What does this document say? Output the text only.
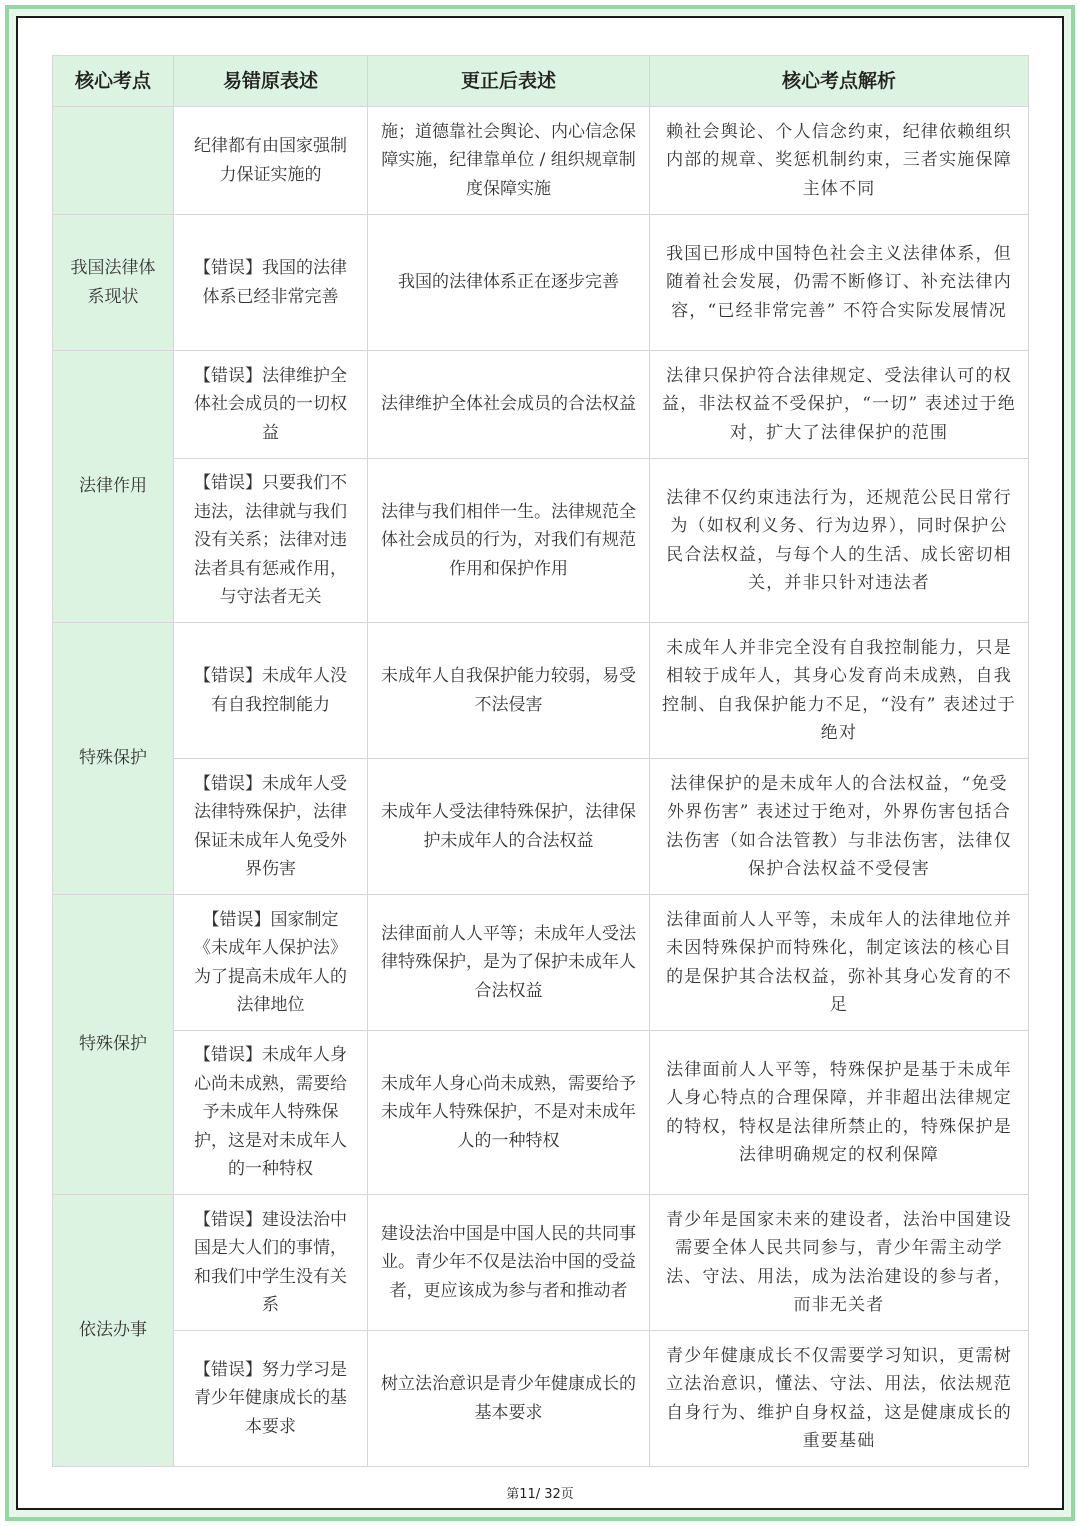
核心考点	易错原表述	更正后表述	核心考点解析
	纪律都有由国家强制力保证实施的	施；道德靠社会舆论、内心信念保障实施，纪律靠单位 / 组织规章制度保障实施	赖社会舆论、个人信念约束，纪律依赖组织内部的规章、奖惩机制约束，三者实施保障主体不同
我国法律体系现状	【错误】我国的法律体系已经非常完善	我国的法律体系正在逐步完善	我国已形成中国特色社会主义法律体系，但随着社会发展，仍需不断修订、补充法律内容，“已经非常完善” 不符合实际发展情况
法律作用	【错误】法律维护全体社会成员的一切权益	法律维护全体社会成员的合法权益	法律只保护符合法律规定、受法律认可的权益，非法权益不受保护，“一切” 表述过于绝对，扩大了法律保护的范围
	【错误】只要我们不违法，法律就与我们没有关系；法律对违法者具有惩戒作用，与守法者无关	法律与我们相伴一生。法律规范全体社会成员的行为，对我们有规范作用和保护作用	法律不仅约束违法行为，还规范公民日常行为（如权利义务、行为边界），同时保护公民合法权益，与每个人的生活、成长密切相关，并非只针对违法者
特殊保护	【错误】未成年人没有自我控制能力	未成年人自我保护能力较弱，易受不法侵害	未成年人并非完全没有自我控制能力，只是相较于成年人，其身心发育尚未成熟，自我控制、自我保护能力不足，“没有” 表述过于绝对
	【错误】未成年人受法律特殊保护，法律保证未成年人免受外界伤害	未成年人受法律特殊保护，法律保护未成年人的合法权益	法律保护的是未成年人的合法权益，“免受外界伤害” 表述过于绝对，外界伤害包括合法伤害（如合法管教）与非法伤害，法律仅保护合法权益不受侵害
特殊保护	【错误】国家制定《未成年人保护法》为了提高未成年人的法律地位	法律面前人人平等；未成年人受法律特殊保护，是为了保护未成年人合法权益	法律面前人人平等，未成年人的法律地位并未因特殊保护而特殊化，制定该法的核心目的是保护其合法权益，弥补其身心发育的不足
	【错误】未成年人身心尚未成熟，需要给予未成年人特殊保护，这是对未成年人的一种特权	未成年人身心尚未成熟，需要给予未成年人特殊保护，不是对未成年人的一种特权	法律面前人人平等，特殊保护是基于未成年人身心特点的合理保障，并非超出法律规定的特权，特权是法律所禁止的，特殊保护是法律明确规定的权利保障
依法办事	【错误】建设法治中国是大人们的事情，和我们中学生没有关系	建设法治中国是中国人民的共同事业。青少年不仅是法治中国的受益者，更应该成为参与者和推动者	青少年是国家未来的建设者，法治中国建设需要全体人民共同参与，青少年需主动学法、守法、用法，成为法治建设的参与者，而非无关者
	【错误】努力学习是青少年健康成长的基本要求	树立法治意识是青少年健康成长的基本要求	青少年健康成长不仅需要学习知识，更需树立法治意识，懂法、守法、用法，依法规范自身行为、维护自身权益，这是健康成长的重要基础
第11/ 32页
